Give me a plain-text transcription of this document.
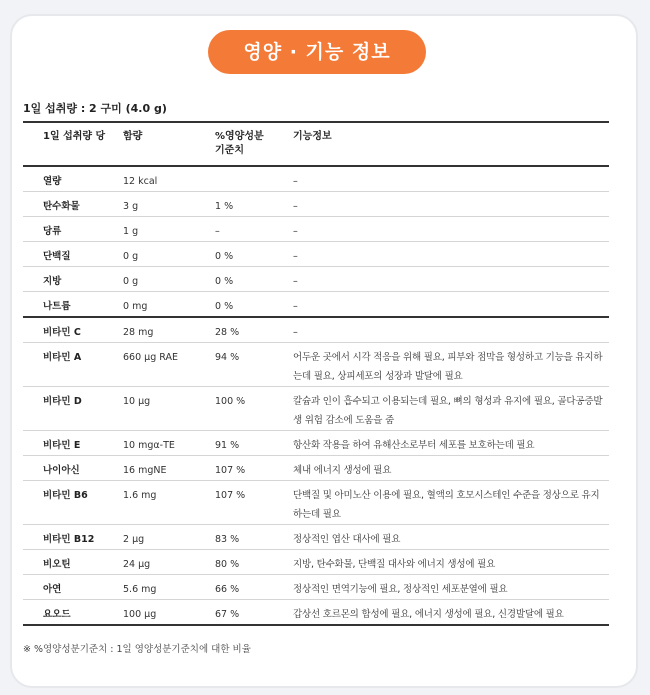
영양 · 기능 정보
1일 섭취량 : 2 구미 (4.0 g)
1일 섭취량 당	함량	%영양성분 기준치	기능정보
열량	12 kcal		–
탄수화물	3 g	1 %	–
당류	1 g	–	–
단백질	0 g	0 %	–
지방	0 g	0 %	–
나트륨	0 mg	0 %	–
비타민 C	28 mg	28 %	–
비타민 A	660 µg RAE	94 %	어두운 곳에서 시각 적응을 위해 필요, 피부와 점막을 형성하고 기능을 유지하는데 필요, 상피세포의 성장과 발달에 필요
비타민 D	10 µg	100 %	칼슘과 인이 흡수되고 이용되는데 필요, 뼈의 형성과 유지에 필요, 골다공증발생 위험 감소에 도움을 줌
비타민 E	10 mgα-TE	91 %	항산화 작용을 하여 유해산소로부터 세포를 보호하는데 필요
나이아신	16 mgNE	107 %	체내 에너지 생성에 필요
비타민 B6	1.6 mg	107 %	단백질 및 아미노산 이용에 필요, 혈액의 호모시스테인 수준을 정상으로 유지하는데 필요
비타민 B12	2 µg	83 %	정상적인 엽산 대사에 필요
비오틴	24 µg	80 %	지방, 탄수화물, 단백질 대사와 에너지 생성에 필요
아연	5.6 mg	66 %	정상적인 면역기능에 필요, 정상적인 세포분열에 필요
요오드	100 µg	67 %	갑상선 호르몬의 합성에 필요, 에너지 생성에 필요, 신경발달에 필요
※ %영양성분기준치 : 1일 영양성분기준치에 대한 비율
